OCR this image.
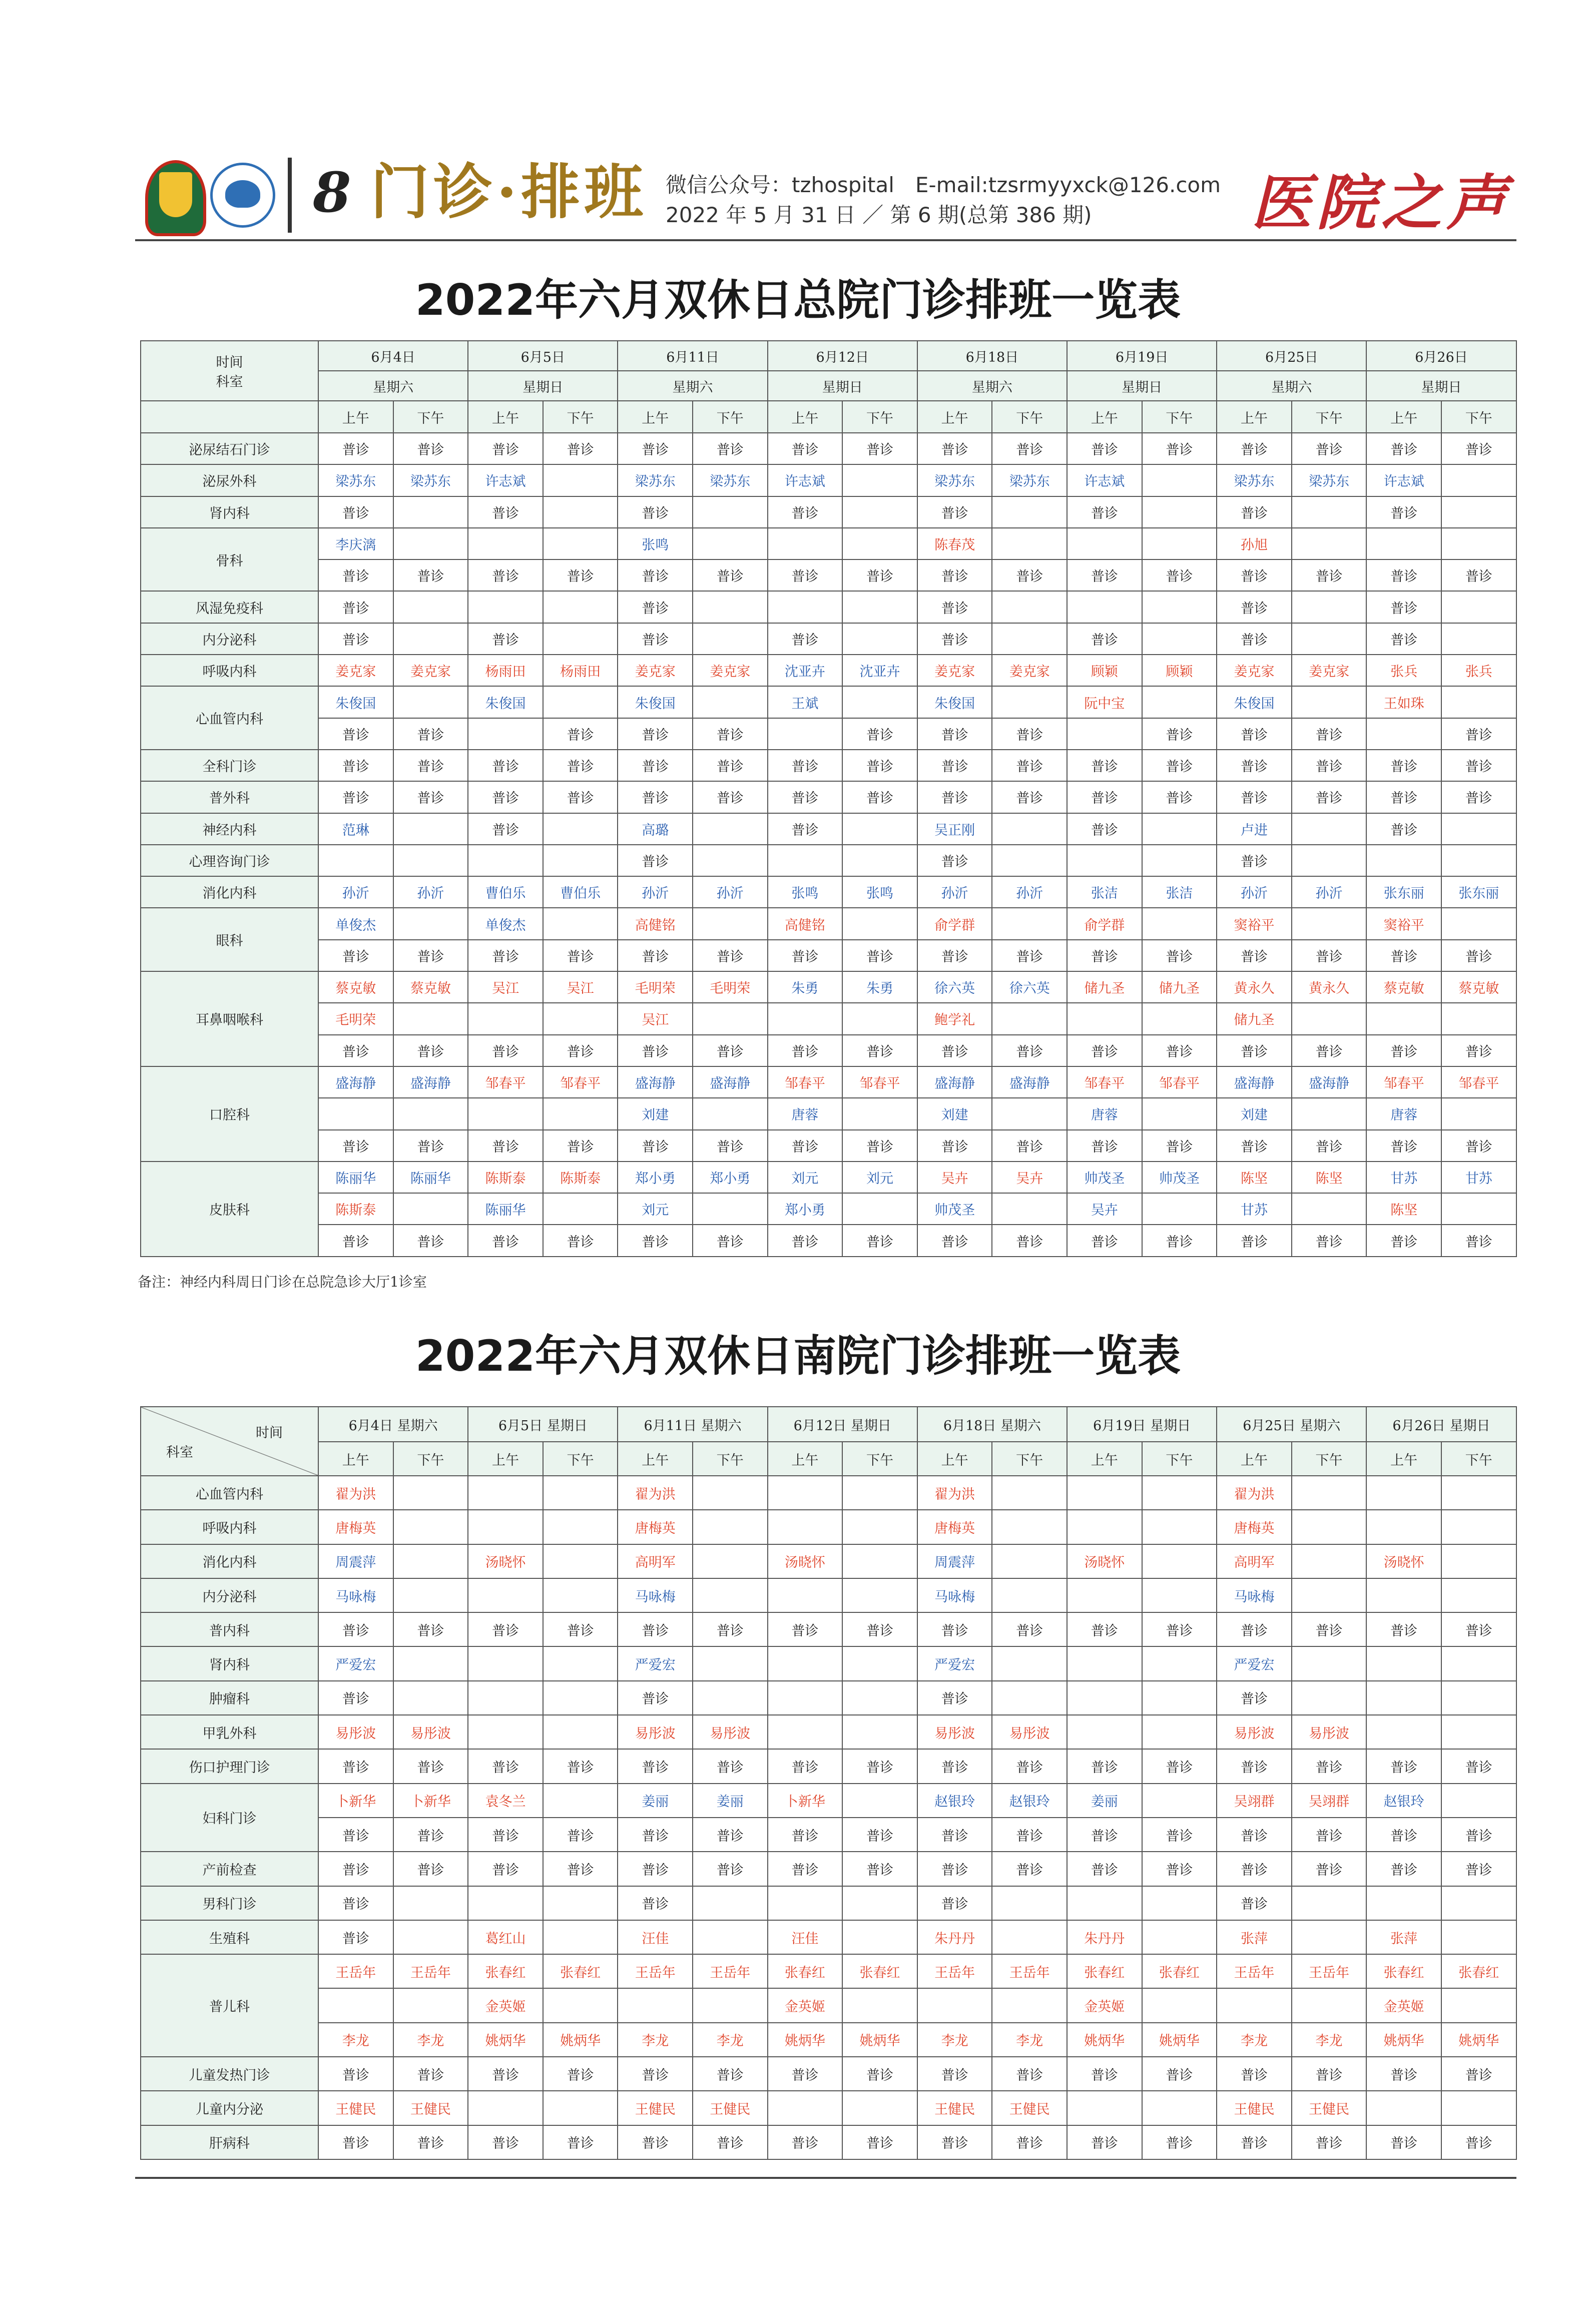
8 门诊·排班 微信公众号：tzhospital　E-mail:tzsrmyyxck@126.com
2022 年 5 月 31 日 ／ 第 6 期(总第 386 期)	医院之声
2022年六月双休日总院门诊排班一览表
时间
科室	6月4日		6月5日		6月11日		6月12日		6月18日		6月19日		6月25日		6月26日	
	星期六		星期日		星期六		星期日		星期六		星期日		星期六		星期日	
	上午	下午	上午	下午	上午	下午	上午	下午	上午	下午	上午	下午	上午	下午	上午	下午
泌尿结石门诊	普诊	普诊	普诊	普诊	普诊	普诊	普诊	普诊	普诊	普诊	普诊	普诊	普诊	普诊	普诊	普诊
泌尿外科	梁苏东	梁苏东	许志斌		梁苏东	梁苏东	许志斌		梁苏东	梁苏东	许志斌		梁苏东	梁苏东	许志斌	
肾内科	普诊		普诊		普诊		普诊		普诊		普诊		普诊		普诊	
骨科	李庆漓				张鸣				陈春茂				孙旭			
	普诊	普诊	普诊	普诊	普诊	普诊	普诊	普诊	普诊	普诊	普诊	普诊	普诊	普诊	普诊	普诊
风湿免疫科	普诊				普诊				普诊				普诊		普诊	
内分泌科	普诊		普诊		普诊		普诊		普诊		普诊		普诊		普诊	
呼吸内科	姜克家	姜克家	杨雨田	杨雨田	姜克家	姜克家	沈亚卉	沈亚卉	姜克家	姜克家	顾颖	顾颖	姜克家	姜克家	张兵	张兵
心血管内科	朱俊国		朱俊国		朱俊国		王斌		朱俊国		阮中宝		朱俊国		王如珠	
	普诊	普诊		普诊	普诊	普诊		普诊	普诊	普诊		普诊	普诊	普诊		普诊
全科门诊	普诊	普诊	普诊	普诊	普诊	普诊	普诊	普诊	普诊	普诊	普诊	普诊	普诊	普诊	普诊	普诊
普外科	普诊	普诊	普诊	普诊	普诊	普诊	普诊	普诊	普诊	普诊	普诊	普诊	普诊	普诊	普诊	普诊
神经内科	范琳		普诊		高璐		普诊		吴正刚		普诊		卢进		普诊	
心理咨询门诊					普诊				普诊				普诊			
消化内科	孙沂	孙沂	曹伯乐	曹伯乐	孙沂	孙沂	张鸣	张鸣	孙沂	孙沂	张洁	张洁	孙沂	孙沂	张东丽	张东丽
眼科	单俊杰		单俊杰		高健铭		高健铭		俞学群		俞学群		窦裕平		窦裕平	
	普诊	普诊	普诊	普诊	普诊	普诊	普诊	普诊	普诊	普诊	普诊	普诊	普诊	普诊	普诊	普诊
耳鼻咽喉科	蔡克敏	蔡克敏	吴江	吴江	毛明荣	毛明荣	朱勇	朱勇	徐六英	徐六英	储九圣	储九圣	黄永久	黄永久	蔡克敏	蔡克敏
	毛明荣				吴江				鲍学礼				储九圣			
	普诊	普诊	普诊	普诊	普诊	普诊	普诊	普诊	普诊	普诊	普诊	普诊	普诊	普诊	普诊	普诊
口腔科	盛海静	盛海静	邹春平	邹春平	盛海静	盛海静	邹春平	邹春平	盛海静	盛海静	邹春平	邹春平	盛海静	盛海静	邹春平	邹春平
					刘建		唐蓉		刘建		唐蓉		刘建		唐蓉	
	普诊	普诊	普诊	普诊	普诊	普诊	普诊	普诊	普诊	普诊	普诊	普诊	普诊	普诊	普诊	普诊
皮肤科	陈丽华	陈丽华	陈斯泰	陈斯泰	郑小勇	郑小勇	刘元	刘元	吴卉	吴卉	帅茂圣	帅茂圣	陈坚	陈坚	甘苏	甘苏
	陈斯泰		陈丽华		刘元		郑小勇		帅茂圣		吴卉		甘苏		陈坚	
	普诊	普诊	普诊	普诊	普诊	普诊	普诊	普诊	普诊	普诊	普诊	普诊	普诊	普诊	普诊	普诊
备注：神经内科周日门诊在总院急诊大厅1诊室
2022年六月双休日南院门诊排班一览表
时间
科室	6月4日 星期六		6月5日 星期日		6月11日 星期六		6月12日 星期日		6月18日 星期六		6月19日 星期日		6月25日 星期六		6月26日 星期日	
	上午	下午	上午	下午	上午	下午	上午	下午	上午	下午	上午	下午	上午	下午	上午	下午
心血管内科	翟为洪				翟为洪				翟为洪				翟为洪			
呼吸内科	唐梅英				唐梅英				唐梅英				唐梅英			
消化内科	周震萍		汤晓怀		高明军		汤晓怀		周震萍		汤晓怀		高明军		汤晓怀	
内分泌科	马咏梅				马咏梅				马咏梅				马咏梅			
普内科	普诊	普诊	普诊	普诊	普诊	普诊	普诊	普诊	普诊	普诊	普诊	普诊	普诊	普诊	普诊	普诊
肾内科	严爱宏				严爱宏				严爱宏				严爱宏			
肿瘤科	普诊				普诊				普诊				普诊			
甲乳外科	易彤波	易彤波			易彤波	易彤波			易彤波	易彤波			易彤波	易彤波		
伤口护理门诊	普诊	普诊	普诊	普诊	普诊	普诊	普诊	普诊	普诊	普诊	普诊	普诊	普诊	普诊	普诊	普诊
妇科门诊	卜新华	卜新华	袁冬兰		姜丽	姜丽	卜新华		赵银玲	赵银玲	姜丽		吴翊群	吴翊群	赵银玲	
	普诊	普诊	普诊	普诊	普诊	普诊	普诊	普诊	普诊	普诊	普诊	普诊	普诊	普诊	普诊	普诊
产前检查	普诊	普诊	普诊	普诊	普诊	普诊	普诊	普诊	普诊	普诊	普诊	普诊	普诊	普诊	普诊	普诊
男科门诊	普诊				普诊				普诊				普诊			
生殖科	普诊		葛红山		汪佳		汪佳		朱丹丹		朱丹丹		张萍		张萍	
普儿科	王岳年	王岳年	张春红	张春红	王岳年	王岳年	张春红	张春红	王岳年	王岳年	张春红	张春红	王岳年	王岳年	张春红	张春红
			金英姬				金英姬				金英姬				金英姬	
	李龙	李龙	姚炳华	姚炳华	李龙	李龙	姚炳华	姚炳华	李龙	李龙	姚炳华	姚炳华	李龙	李龙	姚炳华	姚炳华
儿童发热门诊	普诊	普诊	普诊	普诊	普诊	普诊	普诊	普诊	普诊	普诊	普诊	普诊	普诊	普诊	普诊	普诊
儿童内分泌	王健民	王健民			王健民	王健民			王健民	王健民			王健民	王健民		
肝病科	普诊	普诊	普诊	普诊	普诊	普诊	普诊	普诊	普诊	普诊	普诊	普诊	普诊	普诊	普诊	普诊
